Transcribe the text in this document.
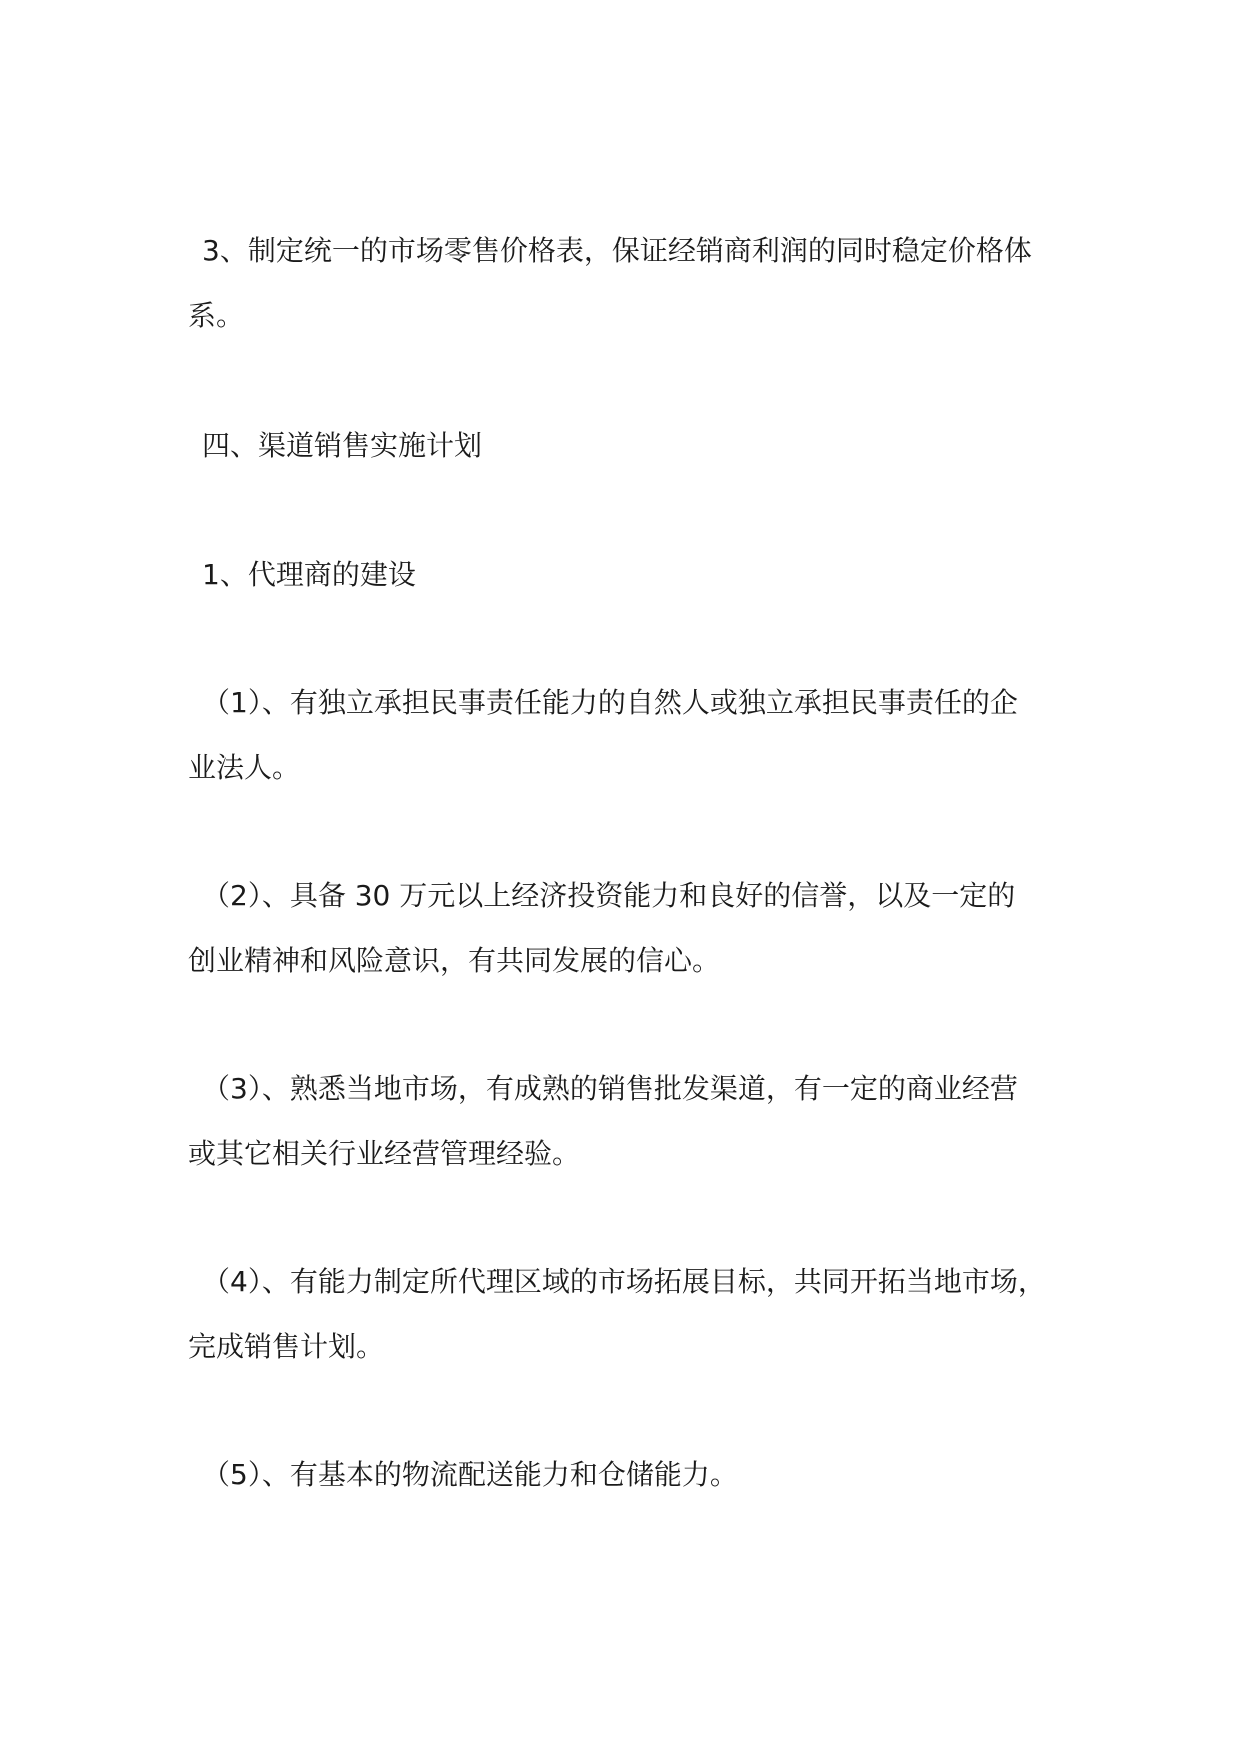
3、制定统一的市场零售价格表，保证经销商利润的同时稳定价格体
系。

四、渠道销售实施计划

1、代理商的建设

（1）、有独立承担民事责任能力的自然人或独立承担民事责任的企
业法人。

（2）、具备 30 万元以上经济投资能力和良好的信誉，以及一定的
创业精神和风险意识，有共同发展的信心。

（3）、熟悉当地市场，有成熟的销售批发渠道，有一定的商业经营
或其它相关行业经营管理经验。

（4）、有能力制定所代理区域的市场拓展目标，共同开拓当地市场，
完成销售计划。

（5）、有基本的物流配送能力和仓储能力。
